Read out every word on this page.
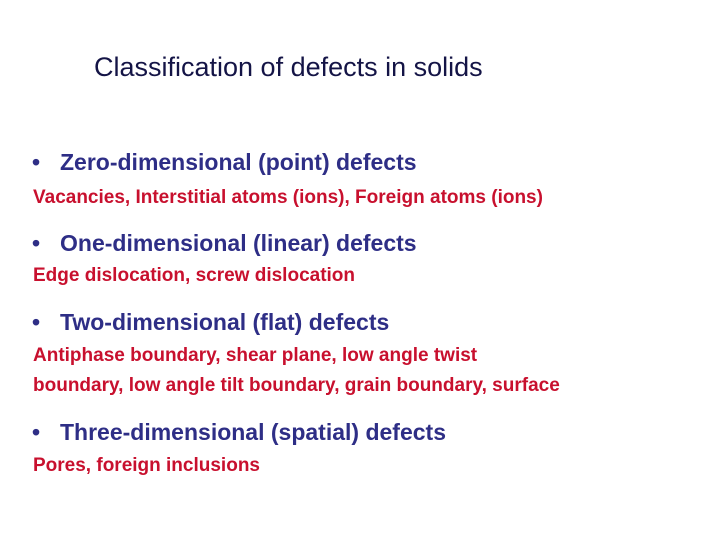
Classification of defects in solids
• Zero-dimensional (point) defects
Vacancies, Interstitial atoms (ions), Foreign atoms (ions)
• One-dimensional (linear) defects
Edge dislocation, screw dislocation
• Two-dimensional (flat) defects
Antiphase boundary, shear plane, low angle twist
boundary, low angle tilt boundary, grain boundary, surface
• Three-dimensional (spatial) defects
Pores, foreign inclusions
